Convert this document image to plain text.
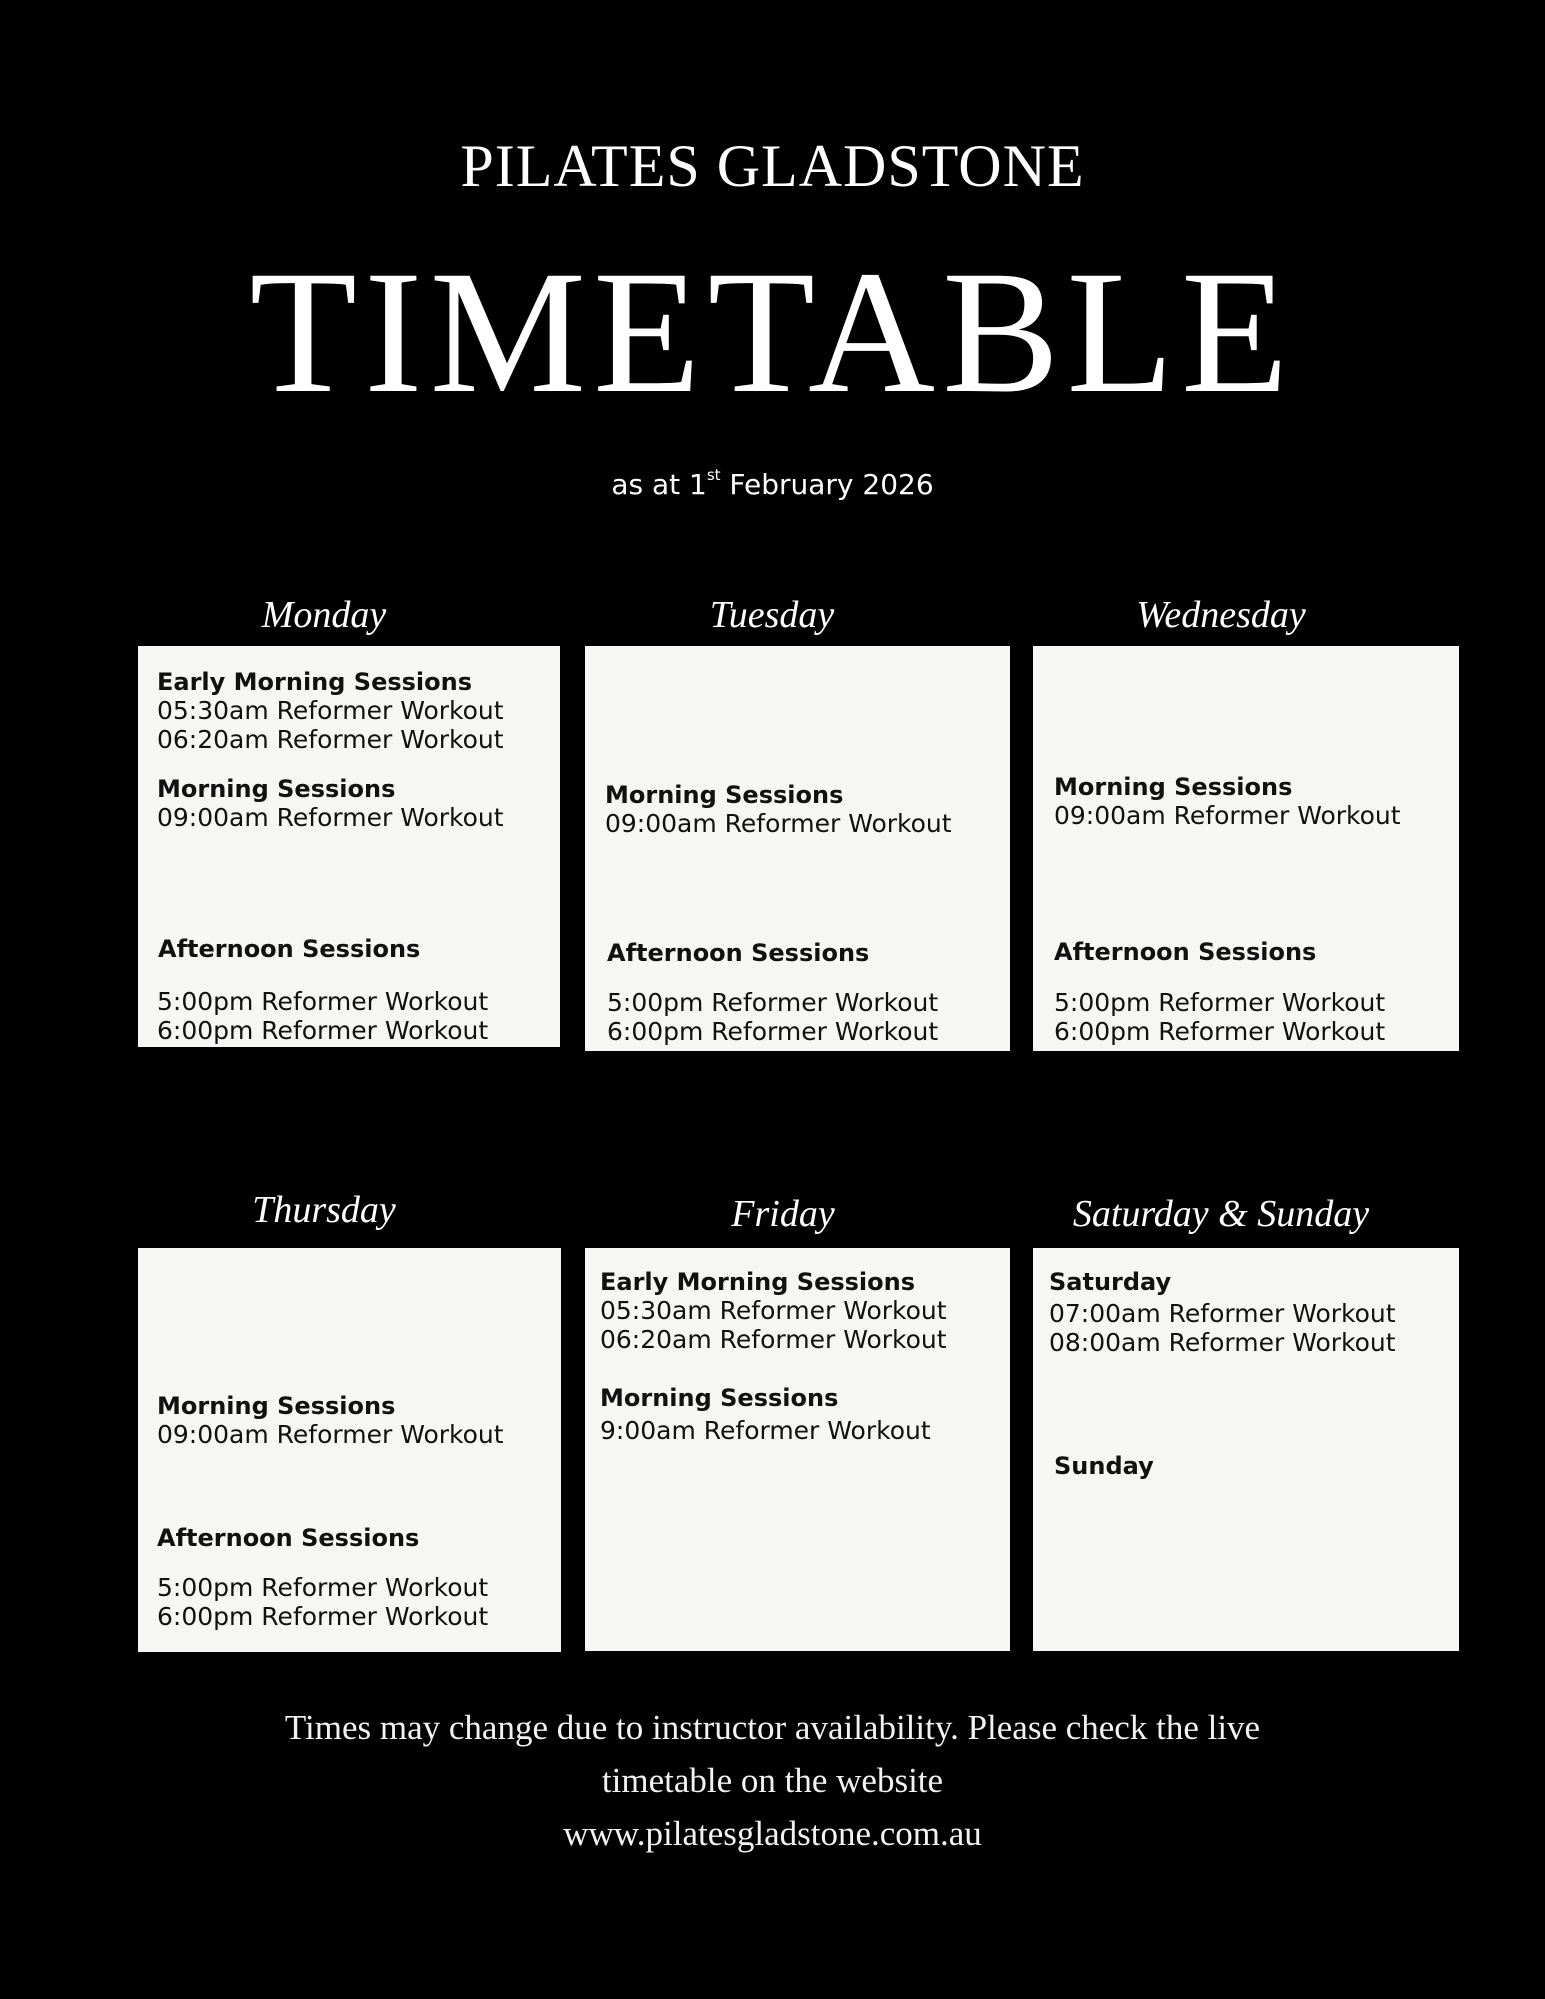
PILATES GLADSTONE
TIMETABLE
as at 1st February 2026
Monday	Tuesday	Wednesday
Early Morning Sessions
05:30am Reformer Workout
06:20am Reformer Workout
Morning Sessions
09:00am Reformer Workout
Afternoon Sessions
5:00pm Reformer Workout
6:00pm Reformer Workout
Morning Sessions
09:00am Reformer Workout
Afternoon Sessions
5:00pm Reformer Workout
6:00pm Reformer Workout
Morning Sessions
09:00am Reformer Workout
Afternoon Sessions
5:00pm Reformer Workout
6:00pm Reformer Workout
Thursday	Friday	Saturday & Sunday
Morning Sessions
09:00am Reformer Workout
Afternoon Sessions
5:00pm Reformer Workout
6:00pm Reformer Workout
Early Morning Sessions
05:30am Reformer Workout
06:20am Reformer Workout
Morning Sessions
9:00am Reformer Workout
Saturday
07:00am Reformer Workout
08:00am Reformer Workout
Sunday
Times may change due to instructor availability. Please check the live
timetable on the website
www.pilatesgladstone.com.au
